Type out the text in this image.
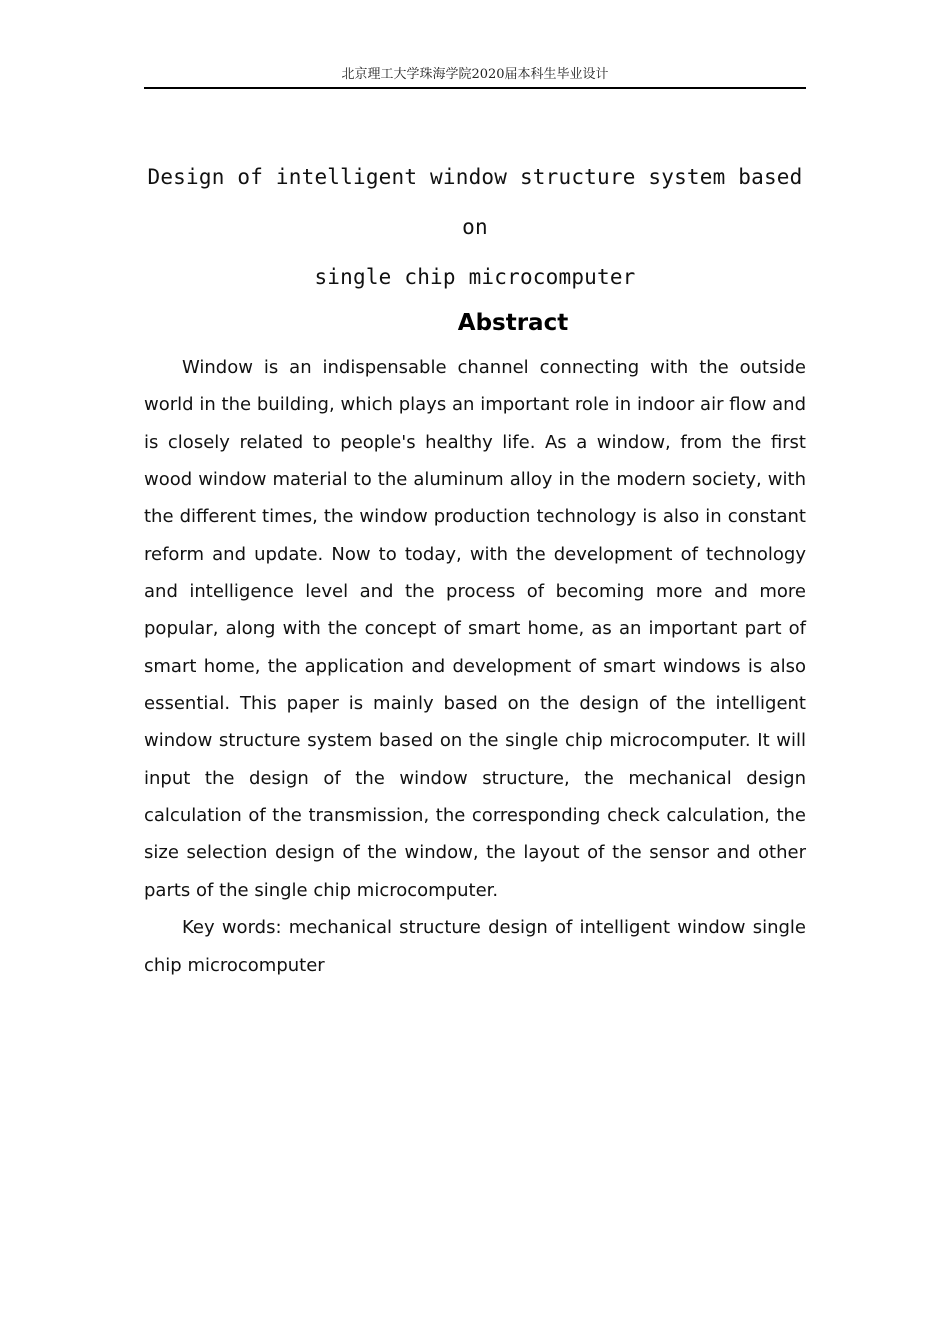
北京理工大学珠海学院2020届本科生毕业设计
Design of intelligent window structure system based on
single chip microcomputer
Abstract

Window is an indispensable channel connecting with the outside world in the building, which plays an important role in indoor air flow and is closely related to people's healthy life. As a window, from the first wood window material to the aluminum alloy in the modern society, with the different times, the window production technology is also in constant reform and update. Now to today, with the development of technology and intelligence level and the process of becoming more and more popular, along with the concept of smart home, as an important part of smart home, the application and development of smart windows is also essential. This paper is mainly based on the design of the intelligent window structure system based on the single chip microcomputer. It will input the design of the window structure, the mechanical design calculation of the transmission, the corresponding check calculation, the size selection design of the window, the layout of the sensor and other parts of the single chip microcomputer.

Key words: mechanical structure design of intelligent window single chip microcomputer
